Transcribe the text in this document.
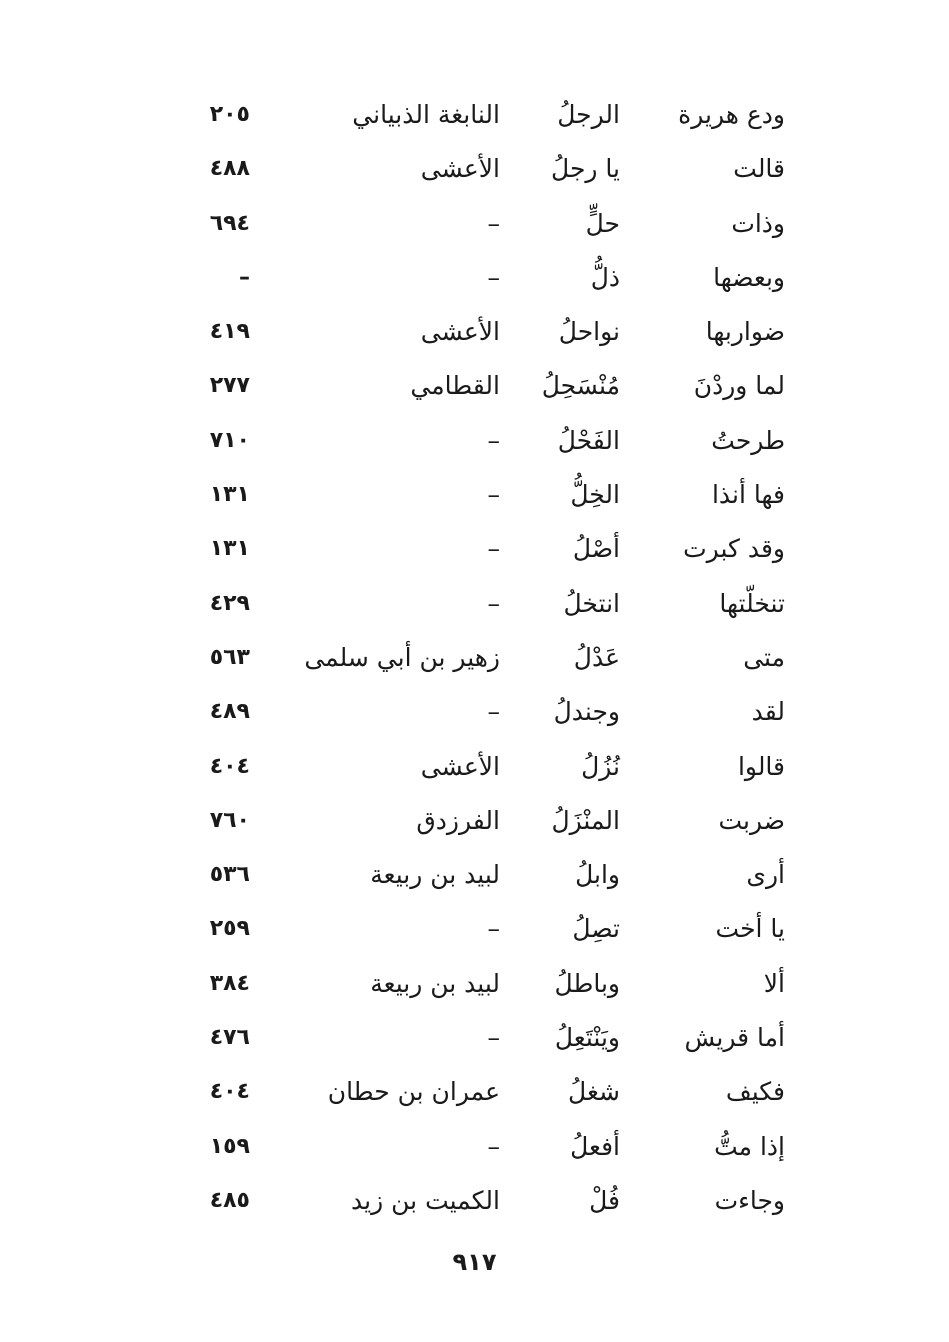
ودع هريرة
الرجلُ
النابغة الذبياني
٢٠٥
قالت
يا رجلُ
الأعشى
٤٨٨
وذات
حلٍّ
–
٦٩٤
وبعضها
ذلُّ
–
–
ضواربها
نواحلُ
الأعشى
٤١٩
لما وردْنَ
مُنْسَحِلُ
القطامي
٢٧٧
طرحتُ
الفَحْلُ
–
٧١٠
فها أنذا
الخِلُّ
–
١٣١
وقد كبرت
أصْلُ
–
١٣١
تنخلّتها
انتخلُ
–
٤٢٩
متى
عَدْلُ
زهير بن أبي سلمى
٥٦٣
لقد
وجندلُ
–
٤٨٩
قالوا
نُزُلُ
الأعشى
٤٠٤
ضربت
المنْزَلُ
الفرزدق
٧٦٠
أرى
وابلُ
لبيد بن ربيعة
٥٣٦
يا أخت
تصِلُ
–
٢٥٩
ألا
وباطلُ
لبيد بن ربيعة
٣٨٤
أما قريش
ويَنْتَعِلُ
–
٤٧٦
فكيف
شغلُ
عمران بن حطان
٤٠٤
إذا متُّ
أفعلُ
–
١٥٩
وجاءت
فُلْ
الكميت بن زيد
٤٨٥
٩١٧
